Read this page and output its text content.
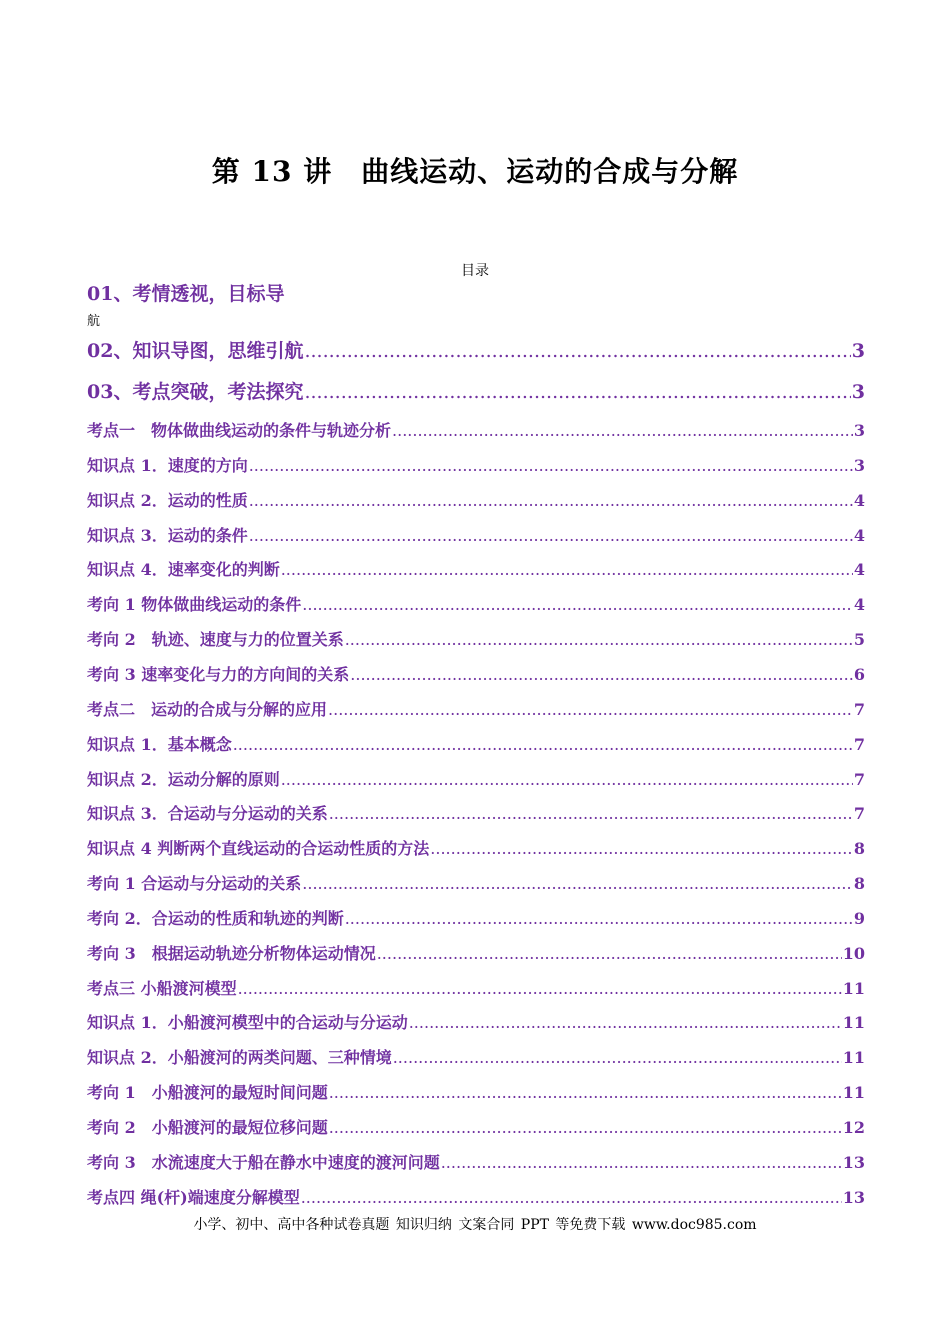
第 13 讲　曲线运动、运动的合成与分解
目录
01、考情透视，目标导
航
02、知识导图，思维引航 .....	3
03、考点突破，考法探究 .....	3
考点一　物体做曲线运动的条件与轨迹分析 .....	3
知识点 1．速度的方向 .....	3
知识点 2．运动的性质 .....	4
知识点 3．运动的条件 .....	4
知识点 4．速率变化的判断 .....	4
考向 1 物体做曲线运动的条件 .....	4
考向 2　轨迹、速度与力的位置关系 .....	5
考向 3 速率变化与力的方向间的关系 .....	6
考点二　运动的合成与分解的应用 .....	7
知识点 1．基本概念 .....	7
知识点 2．运动分解的原则 .....	7
知识点 3．合运动与分运动的关系 .....	7
知识点 4 判断两个直线运动的合运动性质的方法 .....	8
考向 1 合运动与分运动的关系 .....	8
考向 2．合运动的性质和轨迹的判断 .....	9
考向 3　根据运动轨迹分析物体运动情况 .....	10
考点三 小船渡河模型 .....	11
知识点 1．小船渡河模型中的合运动与分运动 .....	11
知识点 2．小船渡河的两类问题、三种情境 .....	11
考向 1　小船渡河的最短时间问题 .....	11
考向 2　小船渡河的最短位移问题 .....	12
考向 3　水流速度大于船在静水中速度的渡河问题 .....	13
考点四 绳(杆)端速度分解模型 .....	13
小学、初中、高中各种试卷真题 知识归纳 文案合同 PPT 等免费下载 www.doc985.com
